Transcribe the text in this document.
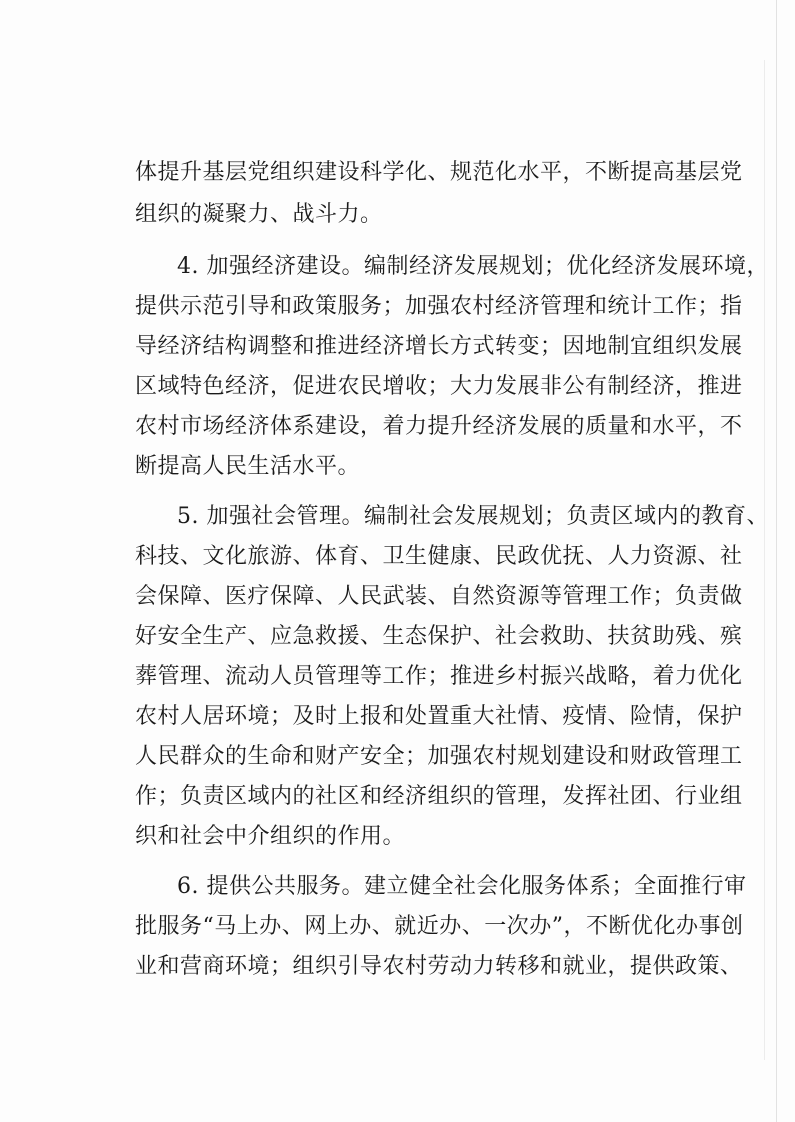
体提升基层党组织建设科学化、规范化水平，不断提高基层党
组织的凝聚力、战斗力。
4. 加强经济建设。编制经济发展规划；优化经济发展环境，
提供示范引导和政策服务；加强农村经济管理和统计工作；指
导经济结构调整和推进经济增长方式转变；因地制宜组织发展
区域特色经济，促进农民增收；大力发展非公有制经济，推进
农村市场经济体系建设，着力提升经济发展的质量和水平，不
断提高人民生活水平。
5. 加强社会管理。编制社会发展规划；负责区域内的教育、
科技、文化旅游、体育、卫生健康、民政优抚、人力资源、社
会保障、医疗保障、人民武装、自然资源等管理工作；负责做
好安全生产、应急救援、生态保护、社会救助、扶贫助残、殡
葬管理、流动人员管理等工作；推进乡村振兴战略，着力优化
农村人居环境；及时上报和处置重大社情、疫情、险情，保护
人民群众的生命和财产安全；加强农村规划建设和财政管理工
作；负责区域内的社区和经济组织的管理，发挥社团、行业组
织和社会中介组织的作用。
6. 提供公共服务。建立健全社会化服务体系；全面推行审
批服务“马上办、网上办、就近办、一次办”，不断优化办事创
业和营商环境；组织引导农村劳动力转移和就业，提供政策、
